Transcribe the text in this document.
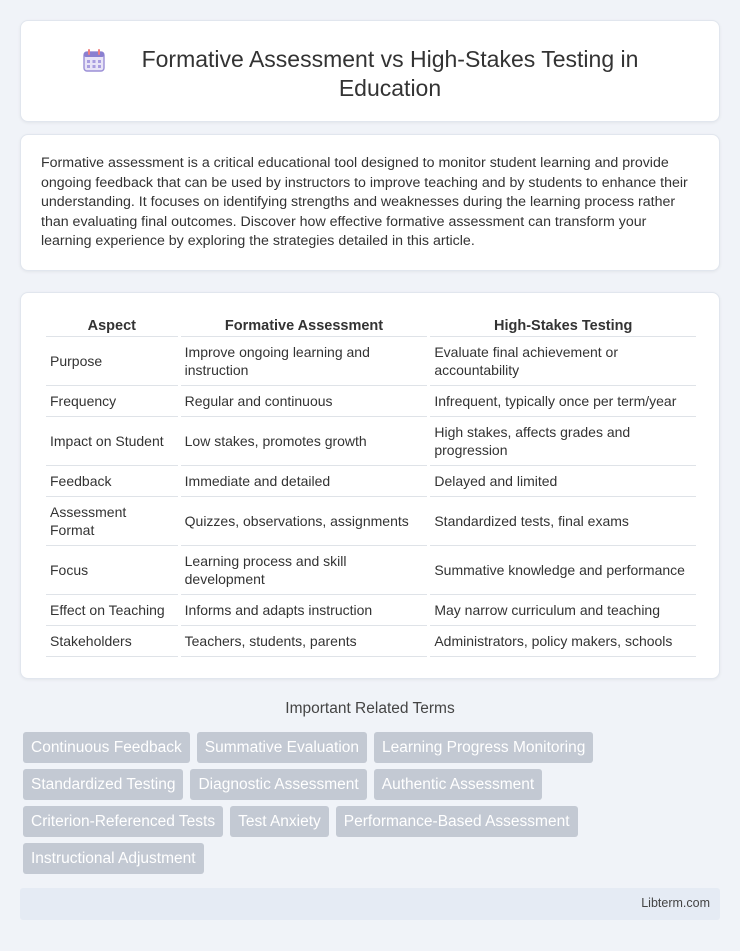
Formative Assessment vs High-Stakes Testing in Education

Formative assessment is a critical educational tool designed to monitor student learning and provide ongoing feedback that can be used by instructors to improve teaching and by students to enhance their understanding. It focuses on identifying strengths and weaknesses during the learning process rather than evaluating final outcomes. Discover how effective formative assessment can transform your learning experience by exploring the strategies detailed in this article.

Aspect	Formative Assessment	High-Stakes Testing
Purpose	Improve ongoing learning and instruction	Evaluate final achievement or accountability
Frequency	Regular and continuous	Infrequent, typically once per term/year
Impact on Student	Low stakes, promotes growth	High stakes, affects grades and progression
Feedback	Immediate and detailed	Delayed and limited
Assessment Format	Quizzes, observations, assignments	Standardized tests, final exams
Focus	Learning process and skill development	Summative knowledge and performance
Effect on Teaching	Informs and adapts instruction	May narrow curriculum and teaching
Stakeholders	Teachers, students, parents	Administrators, policy makers, schools
Important Related Terms
Continuous Feedback	Summative Evaluation	Learning Progress Monitoring
Standardized Testing	Diagnostic Assessment	Authentic Assessment
Criterion-Referenced Tests	Test Anxiety	Performance-Based Assessment
Instructional Adjustment
Libterm.com
